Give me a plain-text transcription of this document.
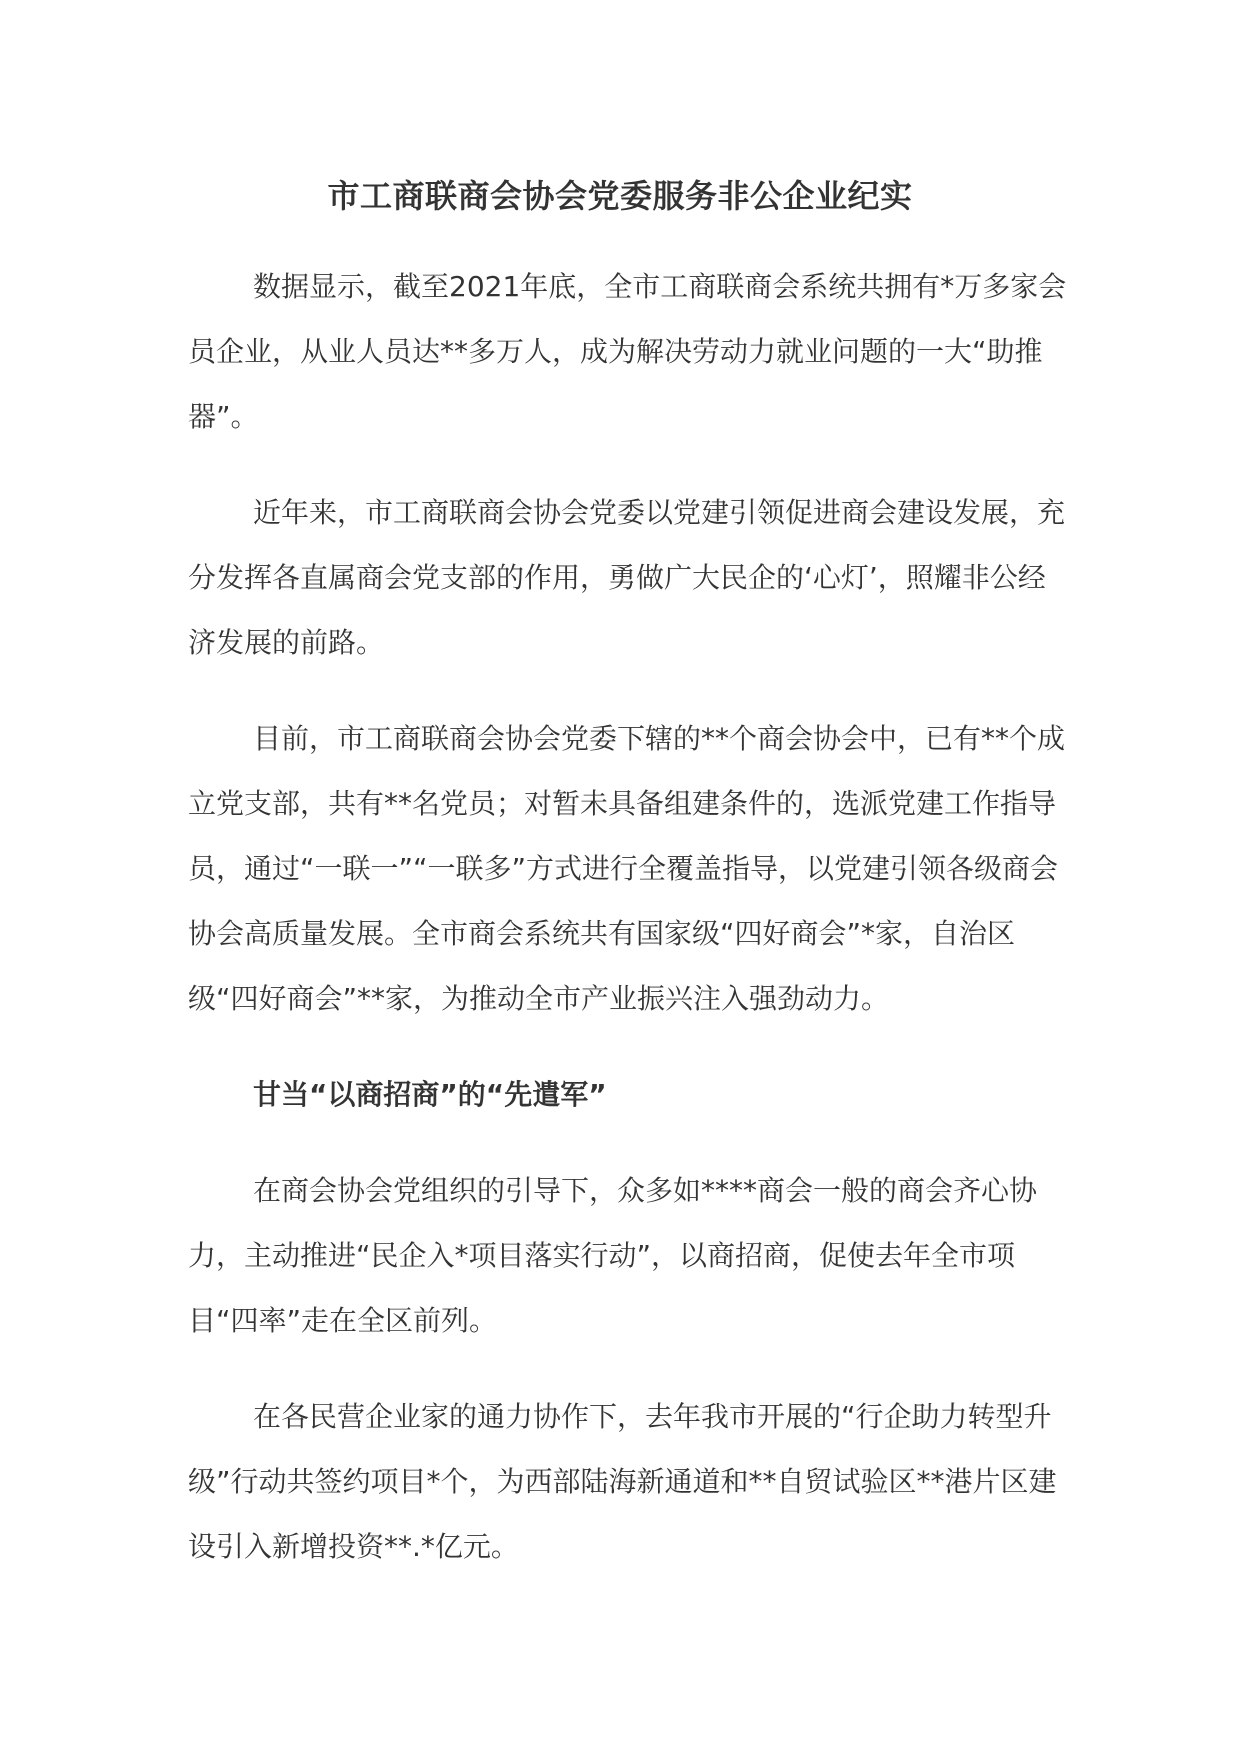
市工商联商会协会党委服务非公企业纪实

数据显示，截至2021年底，全市工商联商会系统共拥有*万多家会员企业，从业人员达**多万人，成为解决劳动力就业问题的一大“助推器”。

近年来，市工商联商会协会党委以党建引领促进商会建设发展，充分发挥各直属商会党支部的作用，勇做广大民企的‘心灯’，照耀非公经济发展的前路。

目前，市工商联商会协会党委下辖的**个商会协会中，已有**个成立党支部，共有**名党员；对暂未具备组建条件的，选派党建工作指导员，通过“一联一”“一联多”方式进行全覆盖指导，以党建引领各级商会协会高质量发展。全市商会系统共有国家级“四好商会”*家，自治区级“四好商会”**家，为推动全市产业振兴注入强劲动力。

甘当“以商招商”的“先遣军”

在商会协会党组织的引导下，众多如****商会一般的商会齐心协力，主动推进“民企入*项目落实行动”，以商招商，促使去年全市项目“四率”走在全区前列。

在各民营企业家的通力协作下，去年我市开展的“行企助力转型升级”行动共签约项目*个，为西部陆海新通道和**自贸试验区**港片区建设引入新增投资**.*亿元。
